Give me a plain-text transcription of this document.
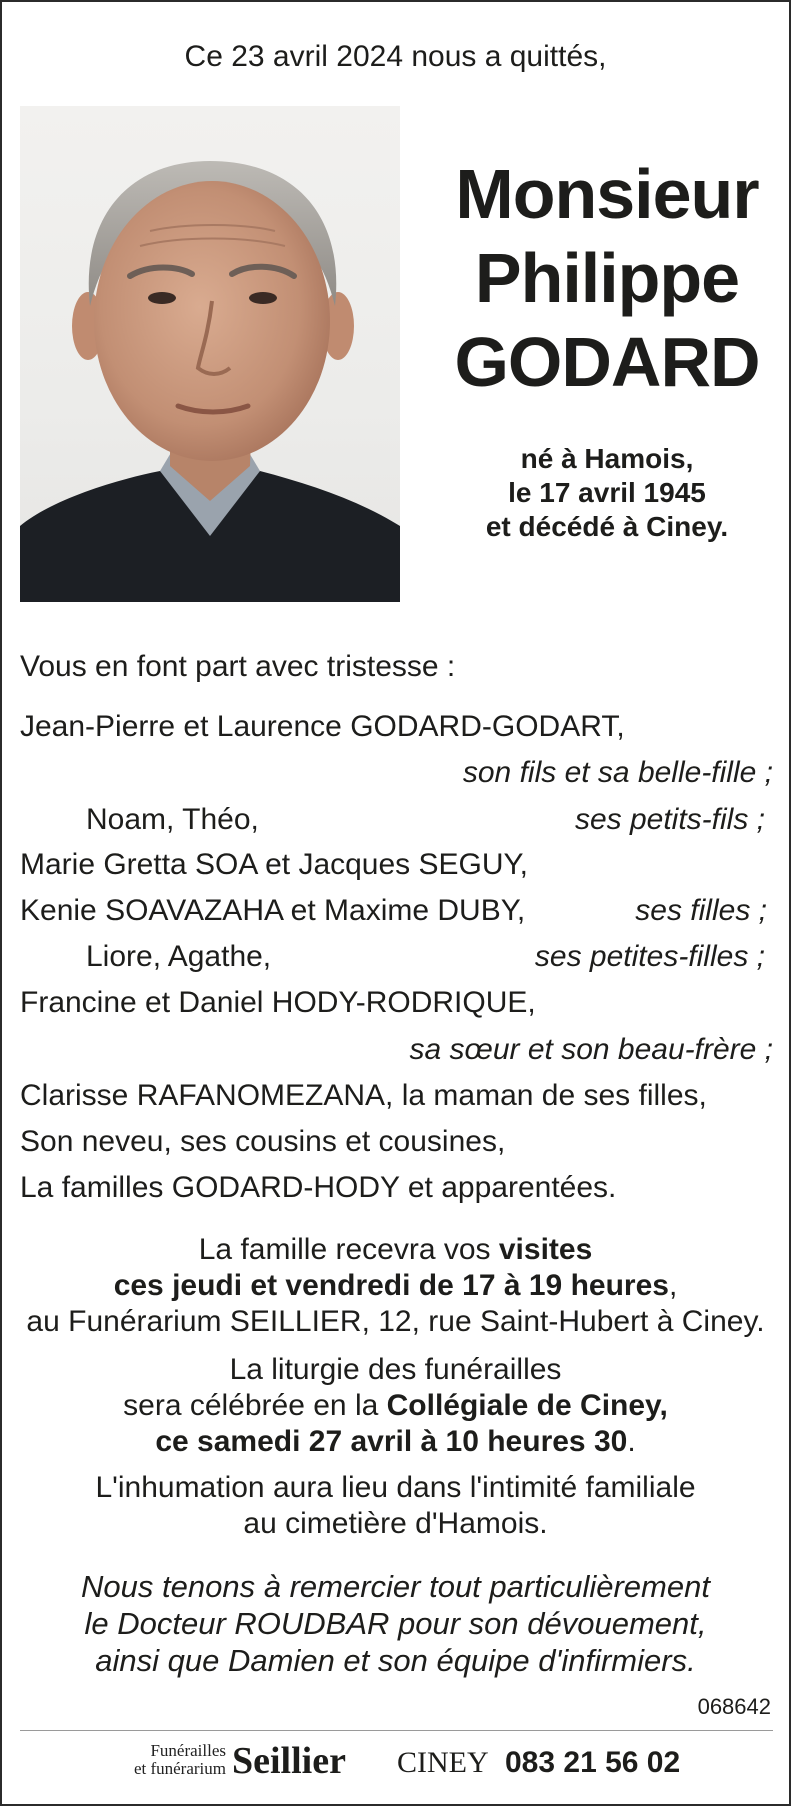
Ce 23 avril 2024 nous a quittés,
Monsieur
Philippe
GODARD
né à Hamois,
le 17 avril 1945
et décédé à Ciney.
Vous en font part avec tristesse :
Jean-Pierre et Laurence GODARD-GODART,
son fils et sa belle-fille ;
Noam, Théo,	ses petits-fils ;
Marie Gretta SOA et Jacques SEGUY,
Kenie SOAVAZAHA et Maxime DUBY,	ses filles ;
Liore, Agathe,	ses petites-filles ;
Francine et Daniel HODY-RODRIQUE,
sa sœur et son beau-frère ;
Clarisse RAFANOMEZANA, la maman de ses filles,
Son neveu, ses cousins et cousines,
La familles GODARD-HODY et apparentées.
La famille recevra vos visites
ces jeudi et vendredi de 17 à 19 heures,
au Funérarium SEILLIER, 12, rue Saint-Hubert à Ciney.
La liturgie des funérailles
sera célébrée en la Collégiale de Ciney,
ce samedi 27 avril à 10 heures 30.
L'inhumation aura lieu dans l'intimité familiale
au cimetière d'Hamois.
Nous tenons à remercier tout particulièrement
le Docteur ROUDBAR pour son dévouement,
ainsi que Damien et son équipe d'infirmiers.
068642
Funérailles
et funérarium Seillier CINEY 083 21 56 02
